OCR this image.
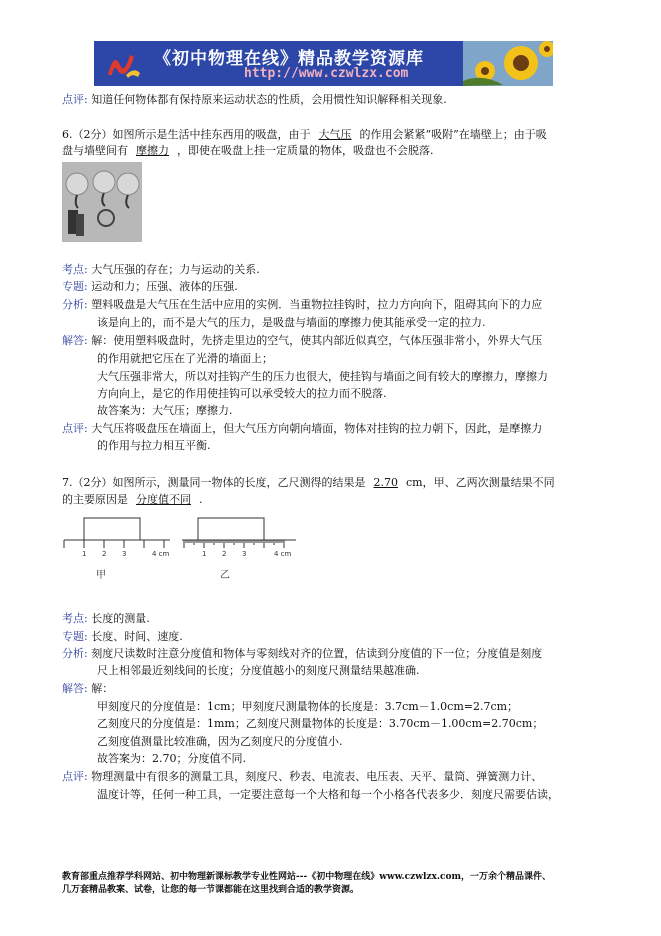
《初中物理在线》精品教学资源库
http://www.czwlzx.com
点评: 知道任何物体都有保持原来运动状态的性质，会用惯性知识解释相关现象.
6.（2分）如图所示是生活中挂东西用的吸盘，由于 大气压 的作用会紧紧“吸附”在墙壁上；由于吸
盘与墙壁间有 摩擦力 ，即使在吸盘上挂一定质量的物体，吸盘也不会脱落.
考点: 大气压强的存在；力与运动的关系.
专题: 运动和力；压强、液体的压强.
分析: 塑料吸盘是大气压在生活中应用的实例．当重物拉挂钩时，拉力方向向下，阻碍其向下的力应
该是向上的，而不是大气的压力，是吸盘与墙面的摩擦力使其能承受一定的拉力.
解答: 解：使用塑料吸盘时，先挤走里边的空气，使其内部近似真空，气体压强非常小，外界大气压
的作用就把它压在了光滑的墙面上；
大气压强非常大，所以对挂钩产生的压力也很大，使挂钩与墙面之间有较大的摩擦力，摩擦力
方向向上，是它的作用使挂钩可以承受较大的拉力而不脱落.
故答案为：大气压；摩擦力.
点评: 大气压将吸盘压在墙面上，但大气压方向朝向墙面，物体对挂钩的拉力朝下，因此，是摩擦力
的作用与拉力相互平衡.
7.（2分）如图所示，测量同一物体的长度，乙尺测得的结果是 2.70 cm，甲、乙两次测量结果不同
的主要原因是 分度值不同 .
1 2 3	4 cm
甲
1 2 3	4 cm
乙
考点: 长度的测量.
专题: 长度、时间、速度.
分析: 刻度尺读数时注意分度值和物体与零刻线对齐的位置，估读到分度值的下一位；分度值是刻度
尺上相邻最近刻线间的长度；分度值越小的刻度尺测量结果越准确.
解答: 解：
甲刻度尺的分度值是：1cm；甲刻度尺测量物体的长度是：3.7cm－1.0cm=2.7cm；
乙刻度尺的分度值是：1mm；乙刻度尺测量物体的长度是：3.70cm－1.00cm=2.70cm；
乙刻度值测量比较准确，因为乙刻度尺的分度值小.
故答案为：2.70；分度值不同.
点评: 物理测量中有很多的测量工具，刻度尺、秒表、电流表、电压表、天平、量筒、弹簧测力计、
温度计等，任何一种工具，一定要注意每一个大格和每一个小格各代表多少．刻度尺需要估读，
教育部重点推荐学科网站、初中物理新课标教学专业性网站---《初中物理在线》www.czwlzx.com，一万余个精品课件、
几万套精品教案、试卷，让您的每一节课都能在这里找到合适的教学资源。
